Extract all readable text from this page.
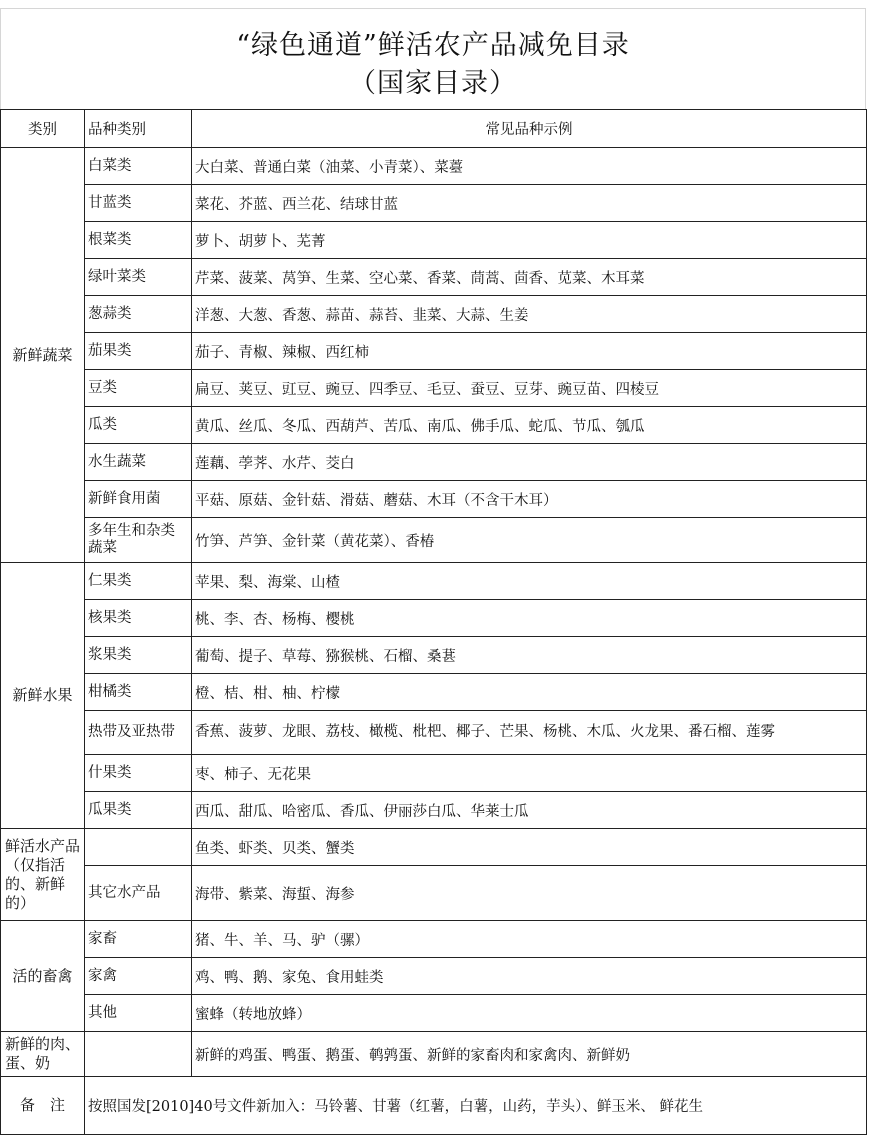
“绿色通道”鲜活农产品减免目录
（国家目录）
类别	品种类别	常见品种示例
新鲜蔬菜	白菜类	大白菜、普通白菜（油菜、小青菜）、菜薹
	甘蓝类	菜花、芥蓝、西兰花、结球甘蓝
	根菜类	萝卜、胡萝卜、芜菁
	绿叶菜类	芹菜、菠菜、莴笋、生菜、空心菜、香菜、茼蒿、茴香、苋菜、木耳菜
	葱蒜类	洋葱、大葱、香葱、蒜苗、蒜苔、韭菜、大蒜、生姜
	茄果类	茄子、青椒、辣椒、西红柿
	豆类	扁豆、荚豆、豇豆、豌豆、四季豆、毛豆、蚕豆、豆芽、豌豆苗、四棱豆
	瓜类	黄瓜、丝瓜、冬瓜、西葫芦、苦瓜、南瓜、佛手瓜、蛇瓜、节瓜、瓠瓜
	水生蔬菜	莲藕、荸荠、水芹、茭白
	新鲜食用菌	平菇、原菇、金针菇、滑菇、蘑菇、木耳（不含干木耳）
	多年生和杂类蔬菜	竹笋、芦笋、金针菜（黄花菜）、香椿
新鲜水果	仁果类	苹果、梨、海棠、山楂
	核果类	桃、李、杏、杨梅、樱桃
	浆果类	葡萄、提子、草莓、猕猴桃、石榴、桑葚
	柑橘类	橙、桔、柑、柚、柠檬
	热带及亚热带	香蕉、菠萝、龙眼、荔枝、橄榄、枇杷、椰子、芒果、杨桃、木瓜、火龙果、番石榴、莲雾
	什果类	枣、柿子、无花果
	瓜果类	西瓜、甜瓜、哈密瓜、香瓜、伊丽莎白瓜、华莱士瓜
鲜活水产品（仅指活的、新鲜的）		鱼类、虾类、贝类、蟹类
	其它水产品	海带、紫菜、海蜇、海参
活的畜禽	家畜	猪、牛、羊、马、驴（骡）
	家禽	鸡、鸭、鹅、家兔、食用蛙类
	其他	蜜蜂（转地放蜂）
新鲜的肉、蛋、奶		新鲜的鸡蛋、鸭蛋、鹅蛋、鹌鹑蛋、新鲜的家畜肉和家禽肉、新鲜奶
备　注	按照国发[2010]40号文件新加入：马铃薯、甘薯（红薯，白薯，山药，芋头）、鲜玉米、 鲜花生	
